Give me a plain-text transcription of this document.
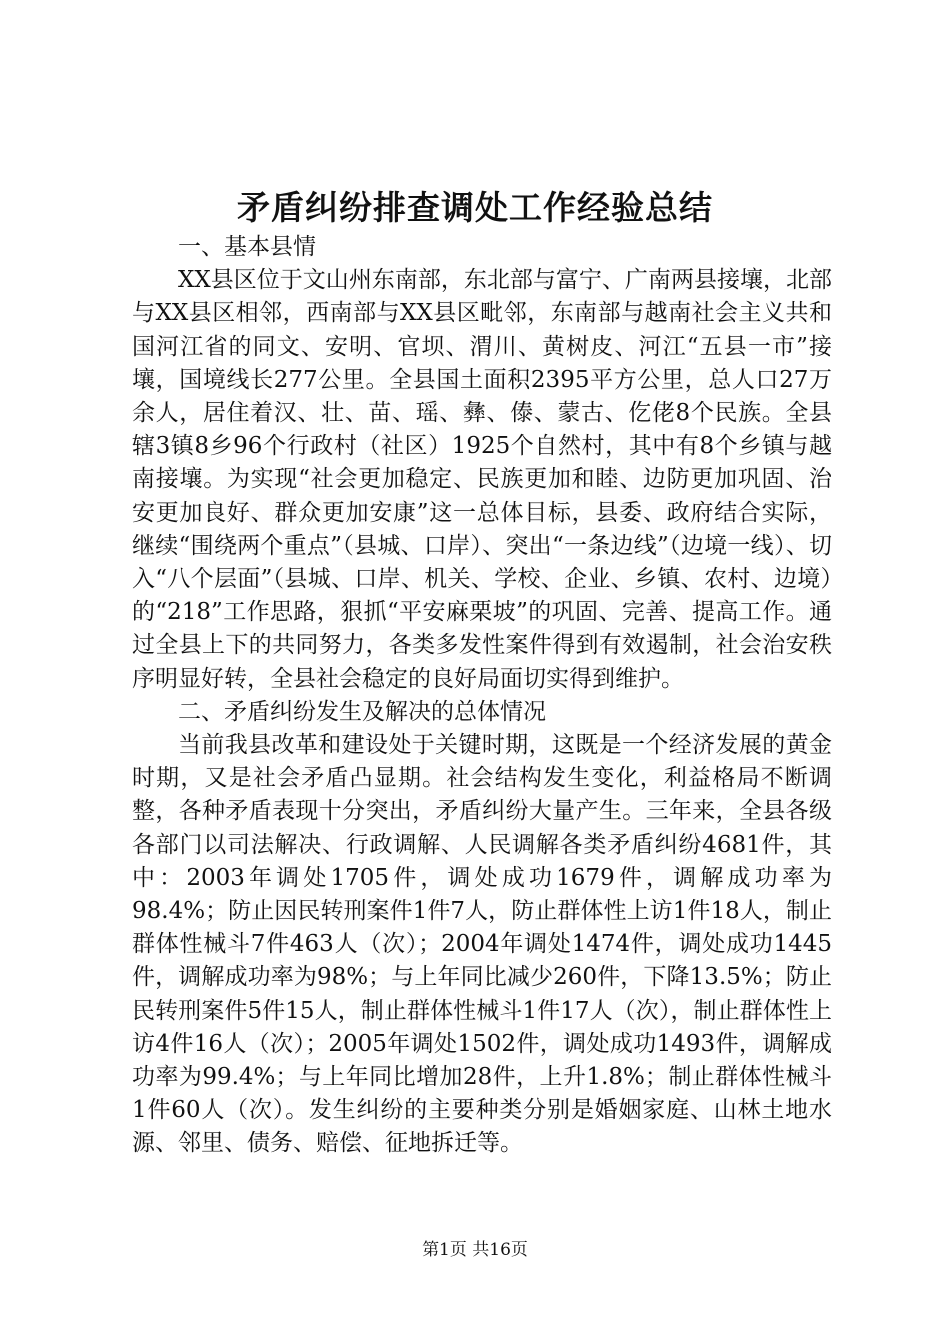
矛盾纠纷排查调处工作经验总结

一、基本县情

XX县区位于文山州东南部，东北部与富宁、广南两县接壤，北部与XX县区相邻，西南部与XX县区毗邻，东南部与越南社会主义共和国河江省的同文、安明、官坝、渭川、黄树皮、河江“五县一市”接壤，国境线长277公里。全县国土面积2395平方公里，总人口27万余人，居住着汉、壮、苗、瑶、彝、傣、蒙古、仡佬8个民族。全县辖3镇8乡96个行政村（社区）1925个自然村，其中有8个乡镇与越南接壤。为实现“社会更加稳定、民族更加和睦、边防更加巩固、治安更加良好、群众更加安康”这一总体目标，县委、政府结合实际，继续“围绕两个重点”（县城、口岸）、突出“一条边线”（边境一线）、切入“八个层面”（县城、口岸、机关、学校、企业、乡镇、农村、边境）的“218”工作思路，狠抓“平安麻栗坡”的巩固、完善、提高工作。通过全县上下的共同努力，各类多发性案件得到有效遏制，社会治安秩序明显好转，全县社会稳定的良好局面切实得到维护。

二、矛盾纠纷发生及解决的总体情况

当前我县改革和建设处于关键时期，这既是一个经济发展的黄金时期，又是社会矛盾凸显期。社会结构发生变化，利益格局不断调整，各种矛盾表现十分突出，矛盾纠纷大量产生。三年来，全县各级各部门以司法解决、行政调解、人民调解各类矛盾纠纷4681件，其中：2003年调处1705件，调处成功1679件，调解成功率为98.4%；防止因民转刑案件1件7人，防止群体性上访1件18人，制止群体性械斗7件463人（次）；2004年调处1474件，调处成功1445件，调解成功率为98%；与上年同比减少260件，下降13.5%；防止民转刑案件5件15人，制止群体性械斗1件17人（次），制止群体性上访4件16人（次）；2005年调处1502件，调处成功1493件，调解成功率为99.4%；与上年同比增加28件，上升1.8%；制止群体性械斗1件60人（次）。发生纠纷的主要种类分别是婚姻家庭、山林土地水源、邻里、债务、赔偿、征地拆迁等。

第1页 共16页
